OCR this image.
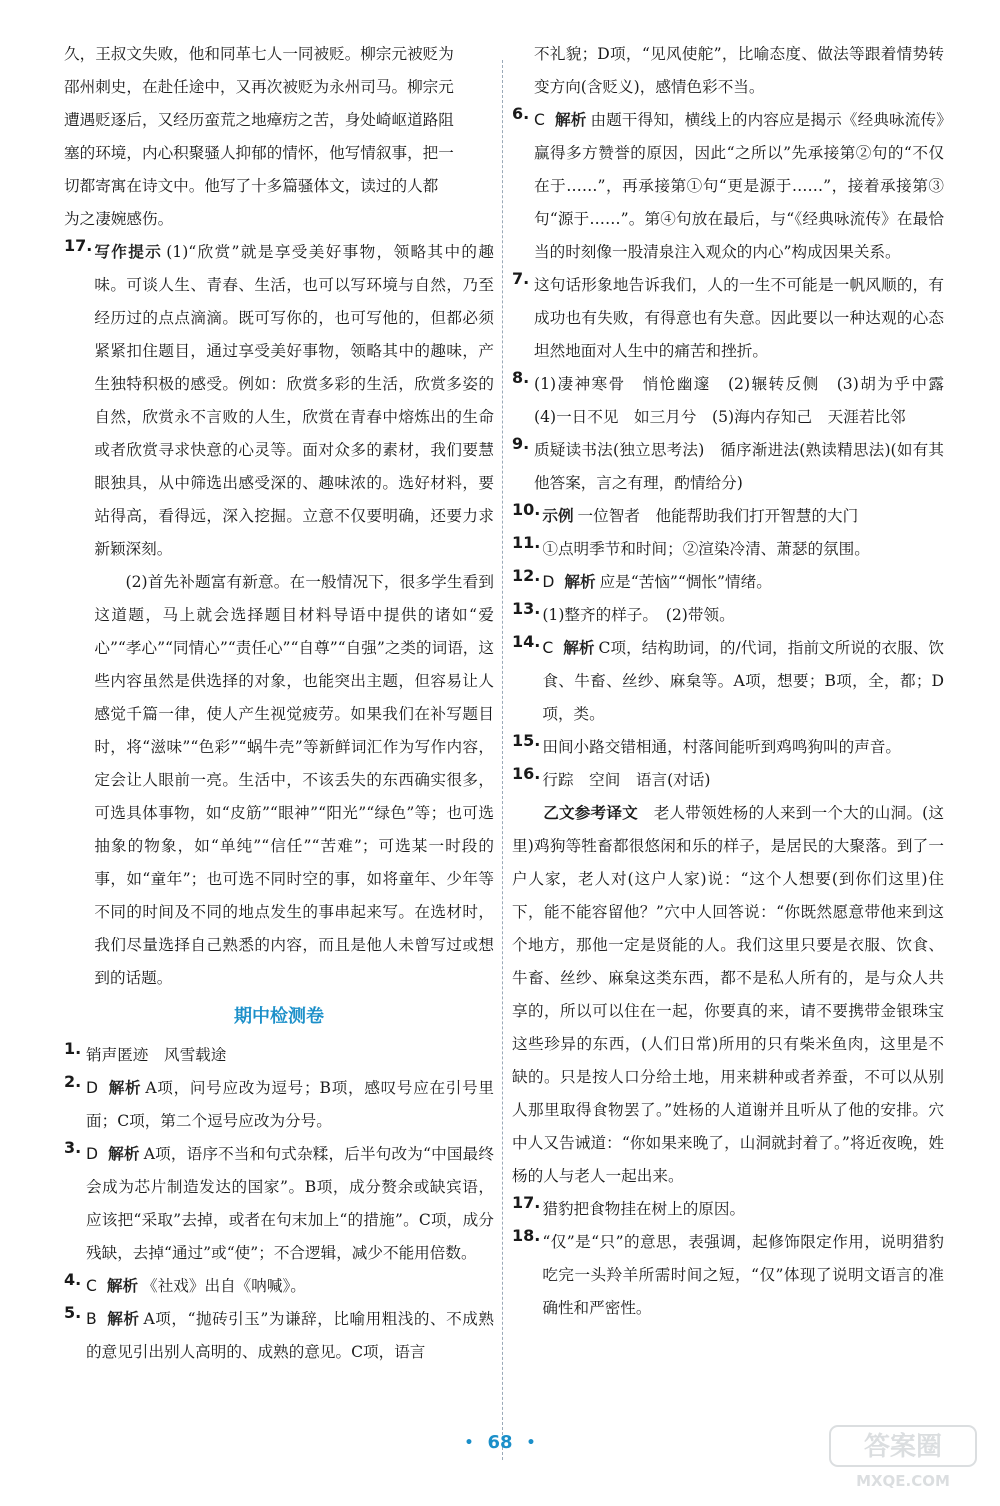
久，王叔文失败，他和同革七人一同被贬。柳宗元被贬为

邵州刺史，在赴任途中，又再次被贬为永州司马。柳宗元

遭遇贬逐后，又经历蛮荒之地瘴疠之苦，身处崎岖道路阻

塞的环境，内心积聚骚人抑郁的情怀，他写情叙事，把一

切都寄寓在诗文中。他写了十多篇骚体文，读过的人都

为之凄婉感伤。

17. 写作提示 (1)“欣赏”就是享受美好事物，领略其中的趣味。可谈人生、青春、生活，也可以写环境与自然，乃至经历过的点点滴滴。既可写你的，也可写他的，但都必须紧紧扣住题目，通过享受美好事物，领略其中的趣味，产生独特积极的感受。例如：欣赏多彩的生活，欣赏多姿的自然，欣赏永不言败的人生，欣赏在青春中熔炼出的生命或者欣赏寻求快意的心灵等。面对众多的素材，我们要慧眼独具，从中筛选出感受深的、趣味浓的。选好材料，要站得高，看得远，深入挖掘。立意不仅要明确，还要力求新颖深刻。

(2)首先补题富有新意。在一般情况下，很多学生看到这道题，马上就会选择题目材料导语中提供的诸如“爱心”“孝心”“同情心”“责任心”“自尊”“自强”之类的词语，这些内容虽然是供选择的对象，也能突出主题，但容易让人感觉千篇一律，使人产生视觉疲劳。如果我们在补写题目时，将“滋味”“色彩”“蜗牛壳”等新鲜词汇作为写作内容，定会让人眼前一亮。生活中，不该丢失的东西确实很多，可选具体事物，如“皮筋”“眼神”“阳光”“绿色”等；也可选抽象的物象，如“单纯”“信任”“苦难”；可选某一时段的事，如“童年”；也可选不同时空的事，如将童年、少年等不同的时间及不同的地点发生的事串起来写。在选材时，我们尽量选择自己熟悉的内容，而且是他人未曾写过或想到的话题。

期中检测卷
1. 销声匿迹　风雪载途

2. D 解析 A项，问号应改为逗号；B项，感叹号应在引号里面；C项，第二个逗号应改为分号。

3. D 解析 A项，语序不当和句式杂糅，后半句改为“中国最终会成为芯片制造发达的国家”。B项，成分赘余或缺宾语，应该把“采取”去掉，或者在句末加上“的措施”。C项，成分残缺，去掉“通过”或“使”；不合逻辑，减少不能用倍数。

4. C 解析 《社戏》出自《呐喊》。

5. B 解析 A项，“抛砖引玉”为谦辞，比喻用粗浅的、不成熟的意见引出别人高明的、成熟的意见。C项，语言

不礼貌；D项，“见风使舵”，比喻态度、做法等跟着情势转变方向(含贬义)，感情色彩不当。

6. C 解析 由题干得知，横线上的内容应是揭示《经典咏流传》赢得多方赞誉的原因，因此“之所以”先承接第②句的“不仅在于……”，再承接第①句“更是源于……”，接着承接第③句“源于……”。第④句放在最后，与“《经典咏流传》在最恰当的时刻像一股清泉注入观众的内心”构成因果关系。

7. 这句话形象地告诉我们，人的一生不可能是一帆风顺的，有成功也有失败，有得意也有失意。因此要以一种达观的心态坦然地面对人生中的痛苦和挫折。

8. (1)凄神寒骨　悄怆幽邃　(2)辗转反侧　(3)胡为乎中露　(4)一日不见　如三月兮　(5)海内存知己　天涯若比邻

9. 质疑读书法(独立思考法)　循序渐进法(熟读精思法)(如有其他答案，言之有理，酌情给分)

10. 示例 一位智者　他能帮助我们打开智慧的大门

11. ①点明季节和时间；②渲染冷清、萧瑟的氛围。

12. D 解析 应是“苦恼”“惆怅”情绪。

13. (1)整齐的样子。　(2)带领。

14. C 解析 C项，结构助词，的/代词，指前文所说的衣服、饮食、牛畜、丝纱、麻枲等。A项，想要；B项，全，都；D项，类。

15. 田间小路交错相通，村落间能听到鸡鸣狗叫的声音。

16. 行踪　空间　语言(对话)

乙文参考译文　 老人带领姓杨的人来到一个大的山洞。(这里)鸡狗等牲畜都很悠闲和乐的样子，是居民的大聚落。到了一户人家，老人对(这户人家)说：“这个人想要(到你们这里)住下，能不能容留他？”穴中人回答说：“你既然愿意带他来到这个地方，那他一定是贤能的人。我们这里只要是衣服、饮食、牛畜、丝纱、麻枲这类东西，都不是私人所有的，是与众人共享的，所以可以住在一起，你要真的来，请不要携带金银珠宝这些珍异的东西，(人们日常)所用的只有柴米鱼肉，这里是不缺的。只是按人口分给土地，用来耕种或者养蚕，不可以从别人那里取得食物罢了。”姓杨的人道谢并且听从了他的安排。穴中人又告诫道：“你如果来晚了，山洞就封着了。”将近夜晚，姓杨的人与老人一起出来。

17. 猎豹把食物挂在树上的原因。

18. “仅”是“只”的意思，表强调，起修饰限定作用，说明猎豹吃完一头羚羊所需时间之短，“仅”体现了说明文语言的准确性和严密性。

• 68 •	答案圈
MXQE.COM
